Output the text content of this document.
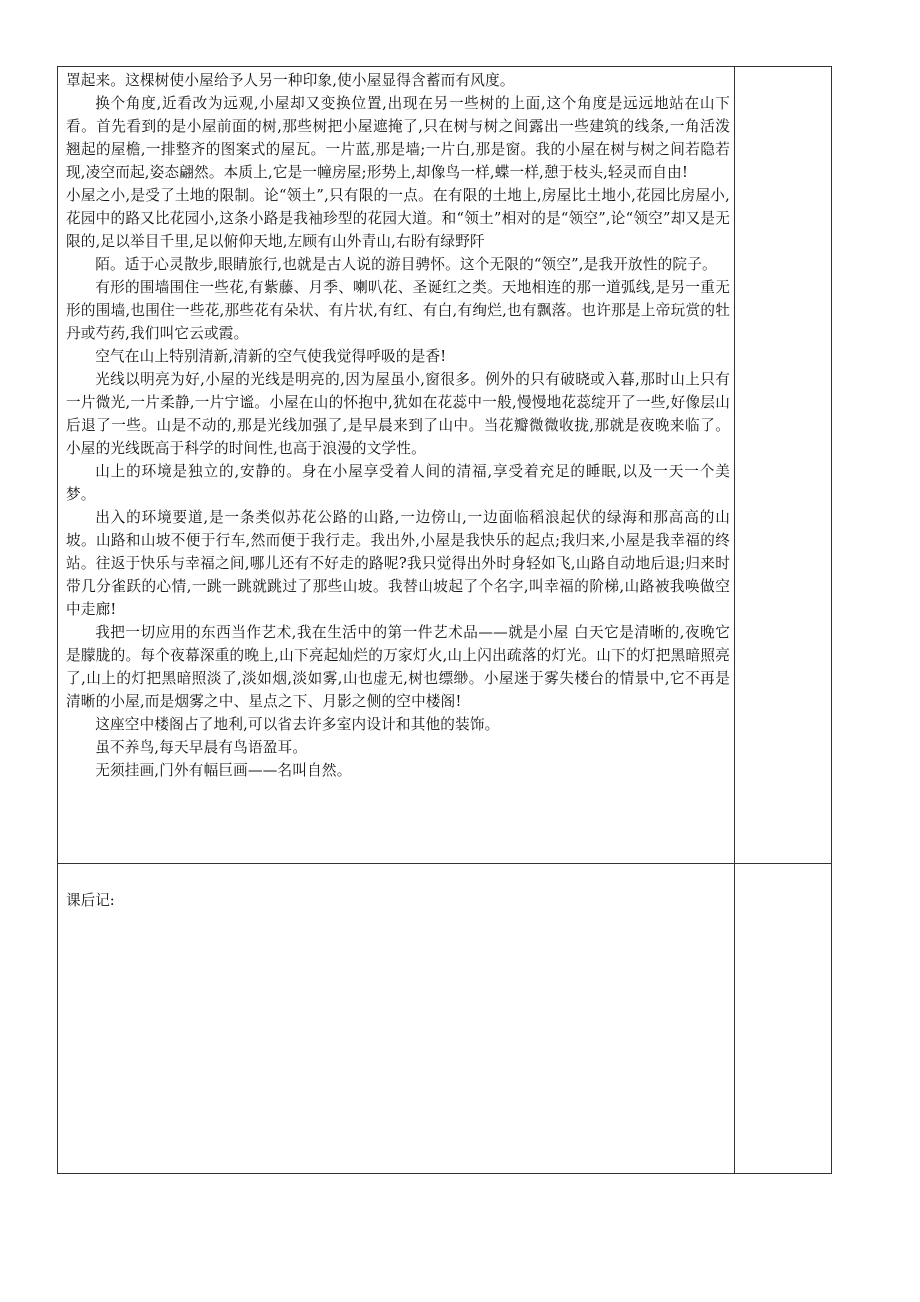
罩起来。这棵树使小屋给予人另一种印象,使小屋显得含蓄而有风度。

换个角度,近看改为远观,小屋却又变换位置,出现在另一些树的上面,这个角度是远远地站在山下看。首先看到的是小屋前面的树,那些树把小屋遮掩了,只在树与树之间露出一些建筑的线条,一角活泼翘起的屋檐,一排整齐的图案式的屋瓦。一片蓝,那是墙;一片白,那是窗。我的小屋在树与树之间若隐若现,凌空而起,姿态翩然。本质上,它是一幢房屋;形势上,却像鸟一样,蝶一样,憩于枝头,轻灵而自由!

小屋之小,是受了土地的限制。论“领土”,只有限的一点。在有限的土地上,房屋比土地小,花园比房屋小,花园中的路又比花园小,这条小路是我袖珍型的花园大道。和“领土”相对的是“领空”,论“领空”却又是无限的,足以举目千里,足以俯仰天地,左顾有山外青山,右盼有绿野阡

陌。适于心灵散步,眼睛旅行,也就是古人说的游目骋怀。这个无限的“领空”,是我开放性的院子。

有形的围墙围住一些花,有紫藤、月季、喇叭花、圣诞红之类。天地相连的那一道弧线,是另一重无形的围墙,也围住一些花,那些花有朵状、有片状,有红、有白,有绚烂,也有飘落。也许那是上帝玩赏的牡丹或芍药,我们叫它云或霞。

空气在山上特别清新,清新的空气使我觉得呼吸的是香!

光线以明亮为好,小屋的光线是明亮的,因为屋虽小,窗很多。例外的只有破晓或入暮,那时山上只有一片微光,一片柔静,一片宁谧。小屋在山的怀抱中,犹如在花蕊中一般,慢慢地花蕊绽开了一些,好像层山后退了一些。山是不动的,那是光线加强了,是早晨来到了山中。当花瓣微微收拢,那就是夜晚来临了。小屋的光线既高于科学的时间性,也高于浪漫的文学性。

山上的环境是独立的,安静的。身在小屋享受着人间的清福,享受着充足的睡眠,以及一天一个美梦。

出入的环境要道,是一条类似苏花公路的山路,一边傍山,一边面临稻浪起伏的绿海和那高高的山坡。山路和山坡不便于行车,然而便于我行走。我出外,小屋是我快乐的起点;我归来,小屋是我幸福的终站。往返于快乐与幸福之间,哪儿还有不好走的路呢?我只觉得出外时身轻如飞,山路自动地后退;归来时带几分雀跃的心情,一跳一跳就跳过了那些山坡。我替山坡起了个名字,叫幸福的阶梯,山路被我唤做空中走廊!

我把一切应用的东西当作艺术,我在生活中的第一件艺术品——就是小屋 白天它是清晰的,夜晚它是朦胧的。每个夜幕深重的晚上,山下亮起灿烂的万家灯火,山上闪出疏落的灯光。山下的灯把黑暗照亮了,山上的灯把黑暗照淡了,淡如烟,淡如雾,山也虚无,树也缥缈。小屋迷于雾失楼台的情景中,它不再是清晰的小屋,而是烟雾之中、星点之下、月影之侧的空中楼阁!

这座空中楼阁占了地利,可以省去许多室内设计和其他的装饰。

虽不养鸟,每天早晨有鸟语盈耳。

无须挂画,门外有幅巨画——名叫自然。

课后记:
